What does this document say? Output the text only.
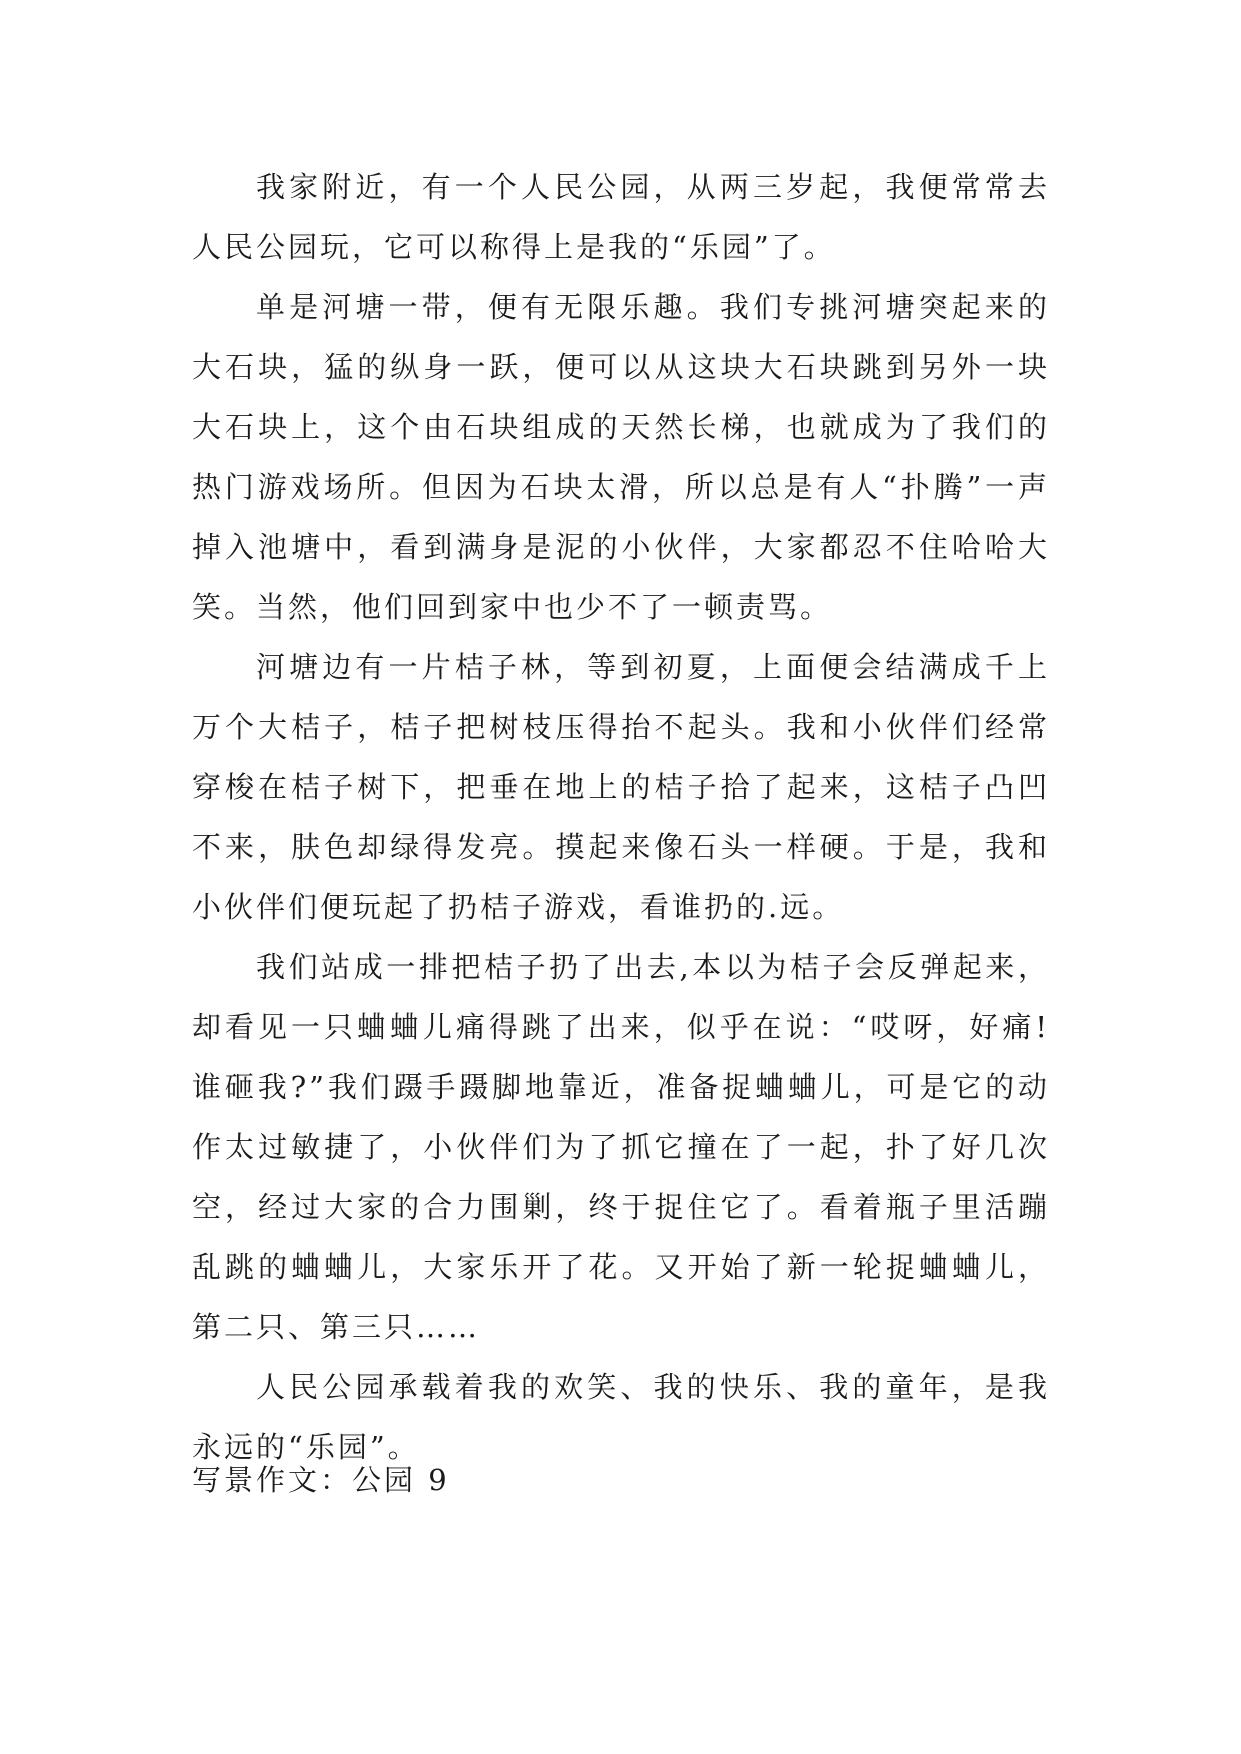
我家附近，有一个人民公园，从两三岁起，我便常常去人民公园玩，它可以称得上是我的“乐园”了。

单是河塘一带，便有无限乐趣。我们专挑河塘突起来的大石块，猛的纵身一跃，便可以从这块大石块跳到另外一块大石块上，这个由石块组成的天然长梯，也就成为了我们的热门游戏场所。但因为石块太滑，所以总是有人“扑腾”一声掉入池塘中，看到满身是泥的小伙伴，大家都忍不住哈哈大笑。当然，他们回到家中也少不了一顿责骂。

河塘边有一片桔子林，等到初夏，上面便会结满成千上万个大桔子，桔子把树枝压得抬不起头。我和小伙伴们经常穿梭在桔子树下，把垂在地上的桔子拾了起来，这桔子凸凹不来，肤色却绿得发亮。摸起来像石头一样硬。于是，我和小伙伴们便玩起了扔桔子游戏，看谁扔的.远。

我们站成一排把桔子扔了出去,本以为桔子会反弹起来，却看见一只蛐蛐儿痛得跳了出来，似乎在说：“哎呀，好痛!谁砸我?”我们蹑手蹑脚地靠近，准备捉蛐蛐儿，可是它的动作太过敏捷了，小伙伴们为了抓它撞在了一起，扑了好几次空，经过大家的合力围剿，终于捉住它了。看着瓶子里活蹦乱跳的蛐蛐儿，大家乐开了花。又开始了新一轮捉蛐蛐儿，第二只、第三只……

人民公园承载着我的欢笑、我的快乐、我的童年，是我永远的“乐园”。

写景作文：公园 9
